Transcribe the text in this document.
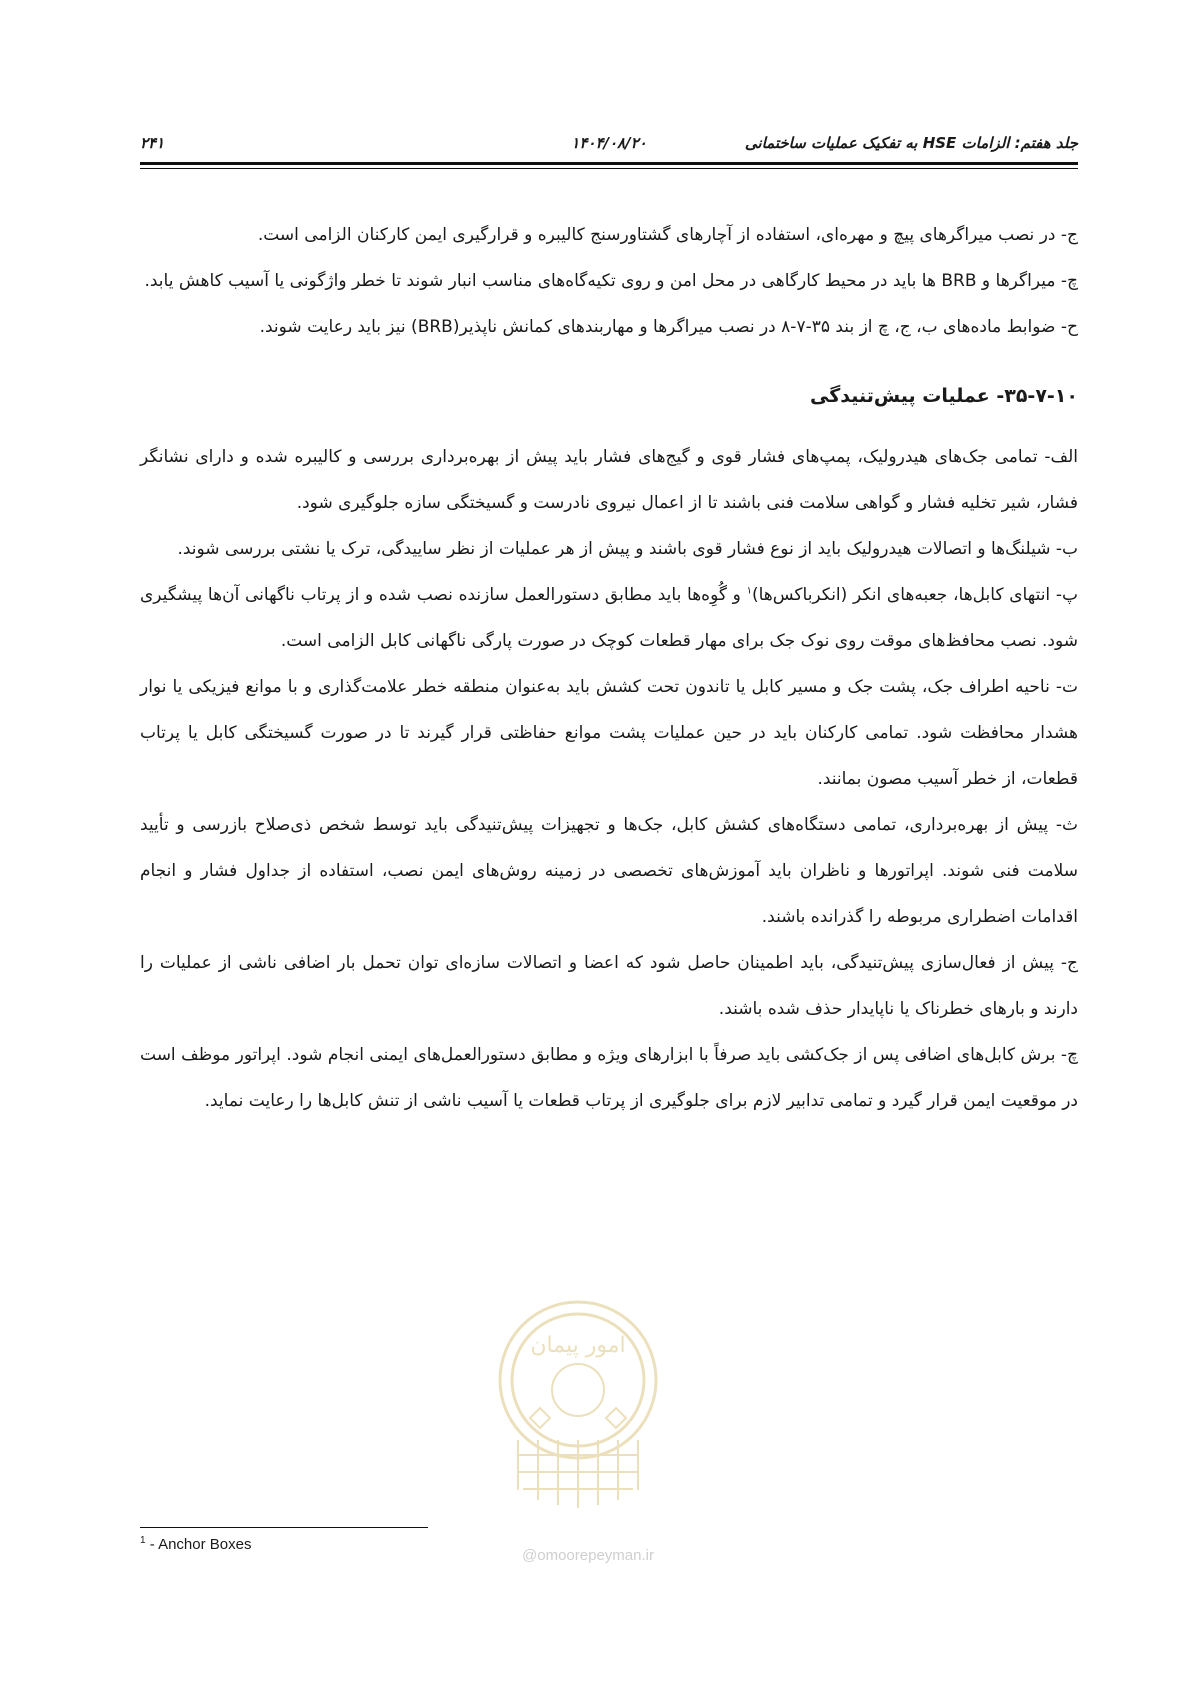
جلد هفتم: الزامات HSE به تفکیک عملیات ساختمانی
۱۴۰۴/۰۸/۲۰
۲۴۱
امور پیمان

ج- در نصب میراگرهای پیچ و مهره‌ای، استفاده از آچارهای گشتاورسنج کالیبره و قرارگیری ایمن کارکنان الزامی است.

چ- میراگرها و BRB ها باید در محیط کارگاهی در محل امن و روی تکیه‌گاه‌های مناسب انبار شوند تا خطر واژگونی یا آسیب کاهش یابد.

ح- ضوابط ماده‌های ب، ج، چ از بند ۳۵-۷-۸ در نصب میراگرها و مهاربندهای کمانش ناپذیر(BRB) نیز باید رعایت شوند.

۳۵-۷-۱۰- عملیات پیش‌تنیدگی

الف- تمامی جک‌های هیدرولیک، پمپ‌های فشار قوی و گیج‌های فشار باید پیش از بهره‌برداری بررسی و کالیبره شده و دارای نشانگر فشار، شیر تخلیه فشار و گواهی سلامت فنی باشند تا از اعمال نیروی نادرست و گسیختگی سازه جلوگیری شود.

ب- شیلنگ‌ها و اتصالات هیدرولیک باید از نوع فشار قوی باشند و پیش از هر عملیات از نظر ساییدگی، ترک یا نشتی بررسی شوند.

پ- انتهای کابل‌ها، جعبه‌های انکر (انکرباکس‌ها)$^۱$ و گُوِه‌ها باید مطابق دستورالعمل سازنده نصب شده و از پرتاب ناگهانی آن‌ها پیشگیری شود. نصب محافظ‌های موقت روی نوک جک برای مهار قطعات کوچک در صورت پارگی ناگهانی کابل الزامی است.

ت- ناحیه اطراف جک، پشت جک و مسیر کابل یا تاندون تحت کشش باید به‌عنوان منطقه خطر علامت‌گذاری و با موانع فیزیکی یا نوار هشدار محافظت شود. تمامی کارکنان باید در حین عملیات پشت موانع حفاظتی قرار گیرند تا در صورت گسیختگی کابل یا پرتاب قطعات، از خطر آسیب مصون بمانند.

ث- پیش از بهره‌برداری، تمامی دستگاه‌های کشش کابل، جک‌ها و تجهیزات پیش‌تنیدگی باید توسط شخص ذی‌صلاح بازرسی و تأیید سلامت فنی شوند. اپراتورها و ناظران باید آموزش‌های تخصصی در زمینه روش‌های ایمن نصب، استفاده از جداول فشار و انجام اقدامات اضطراری مربوطه را گذرانده باشند.

ج- پیش از فعال‌سازی پیش‌تنیدگی، باید اطمینان حاصل شود که اعضا و اتصالات سازه‌ای توان تحمل بار اضافی ناشی از عملیات را دارند و بارهای خطرناک یا ناپایدار حذف شده باشند.

چ- برش کابل‌های اضافی پس از جک‌کشی باید صرفاً با ابزارهای ویژه و مطابق دستورالعمل‌های ایمنی انجام شود. اپراتور موظف است در موقعیت ایمن قرار گیرد و تمامی تدابیر لازم برای جلوگیری از پرتاب قطعات یا آسیب ناشی از تنش کابل‌ها را رعایت نماید.

$^1$ - Anchor Boxes
@omoorepeyman.ir
